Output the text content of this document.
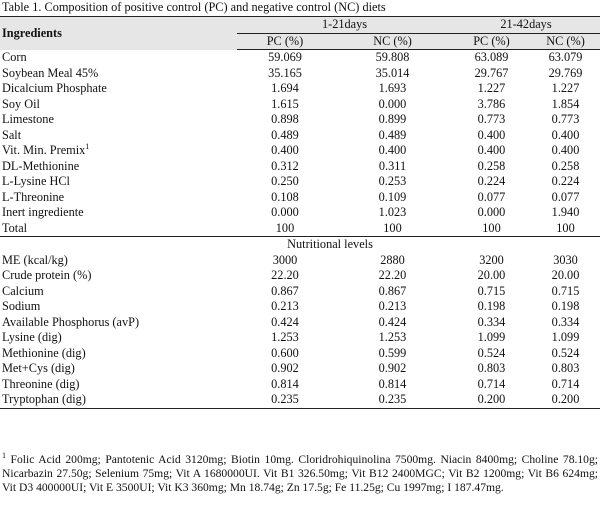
Table 1. Composition of positive control (PC) and negative control (NC) diets
Ingredients	1-21days		21-42days	
	PC (%)	NC (%)	PC (%)	NC (%)
Corn	59.069	59.808	63.089	63.079
Soybean Meal 45%	35.165	35.014	29.767	29.769
Dicalcium Phosphate	1.694	1.693	1.227	1.227
Soy Oil	1.615	0.000	3.786	1.854
Limestone	0.898	0.899	0.773	0.773
Salt	0.489	0.489	0.400	0.400
Vit. Min. Premix$^1$	0.400	0.400	0.400	0.400
DL-Methionine	0.312	0.311	0.258	0.258
L-Lysine HCl	0.250	0.253	0.224	0.224
L-Threonine	0.108	0.109	0.077	0.077
Inert ingrediente	0.000	1.023	0.000	1.940
Total	100	100	100	100
Nutritional levels				
ME (kcal/kg)	3000	2880	3200	3030
Crude protein (%)	22.20	22.20	20.00	20.00
Calcium	0.867	0.867	0.715	0.715
Sodium	0.213	0.213	0.198	0.198
Available Phosphorus (avP)	0.424	0.424	0.334	0.334
Lysine (dig)	1.253	1.253	1.099	1.099
Methionine (dig)	0.600	0.599	0.524	0.524
Met+Cys (dig)	0.902	0.902	0.803	0.803
Threonine (dig)	0.814	0.814	0.714	0.714
Tryptophan (dig)	0.235	0.235	0.200	0.200
$^1$ Folic Acid 200mg; Pantotenic Acid 3120mg; Biotin 10mg. Cloridrohiquinolina 7500mg. Niacin 8400mg; Choline 78.10g; Nicarbazin 27.50g; Selenium 75mg; Vit A 1680000UI. Vit B1 326.50mg; Vit B12 2400MGC; Vit B2 1200mg; Vit B6 624mg; Vit D3 400000UI; Vit E 3500UI; Vit K3 360mg; Mn 18.74g; Zn 17.5g; Fe 11.25g; Cu 1997mg; I 187.47mg.
